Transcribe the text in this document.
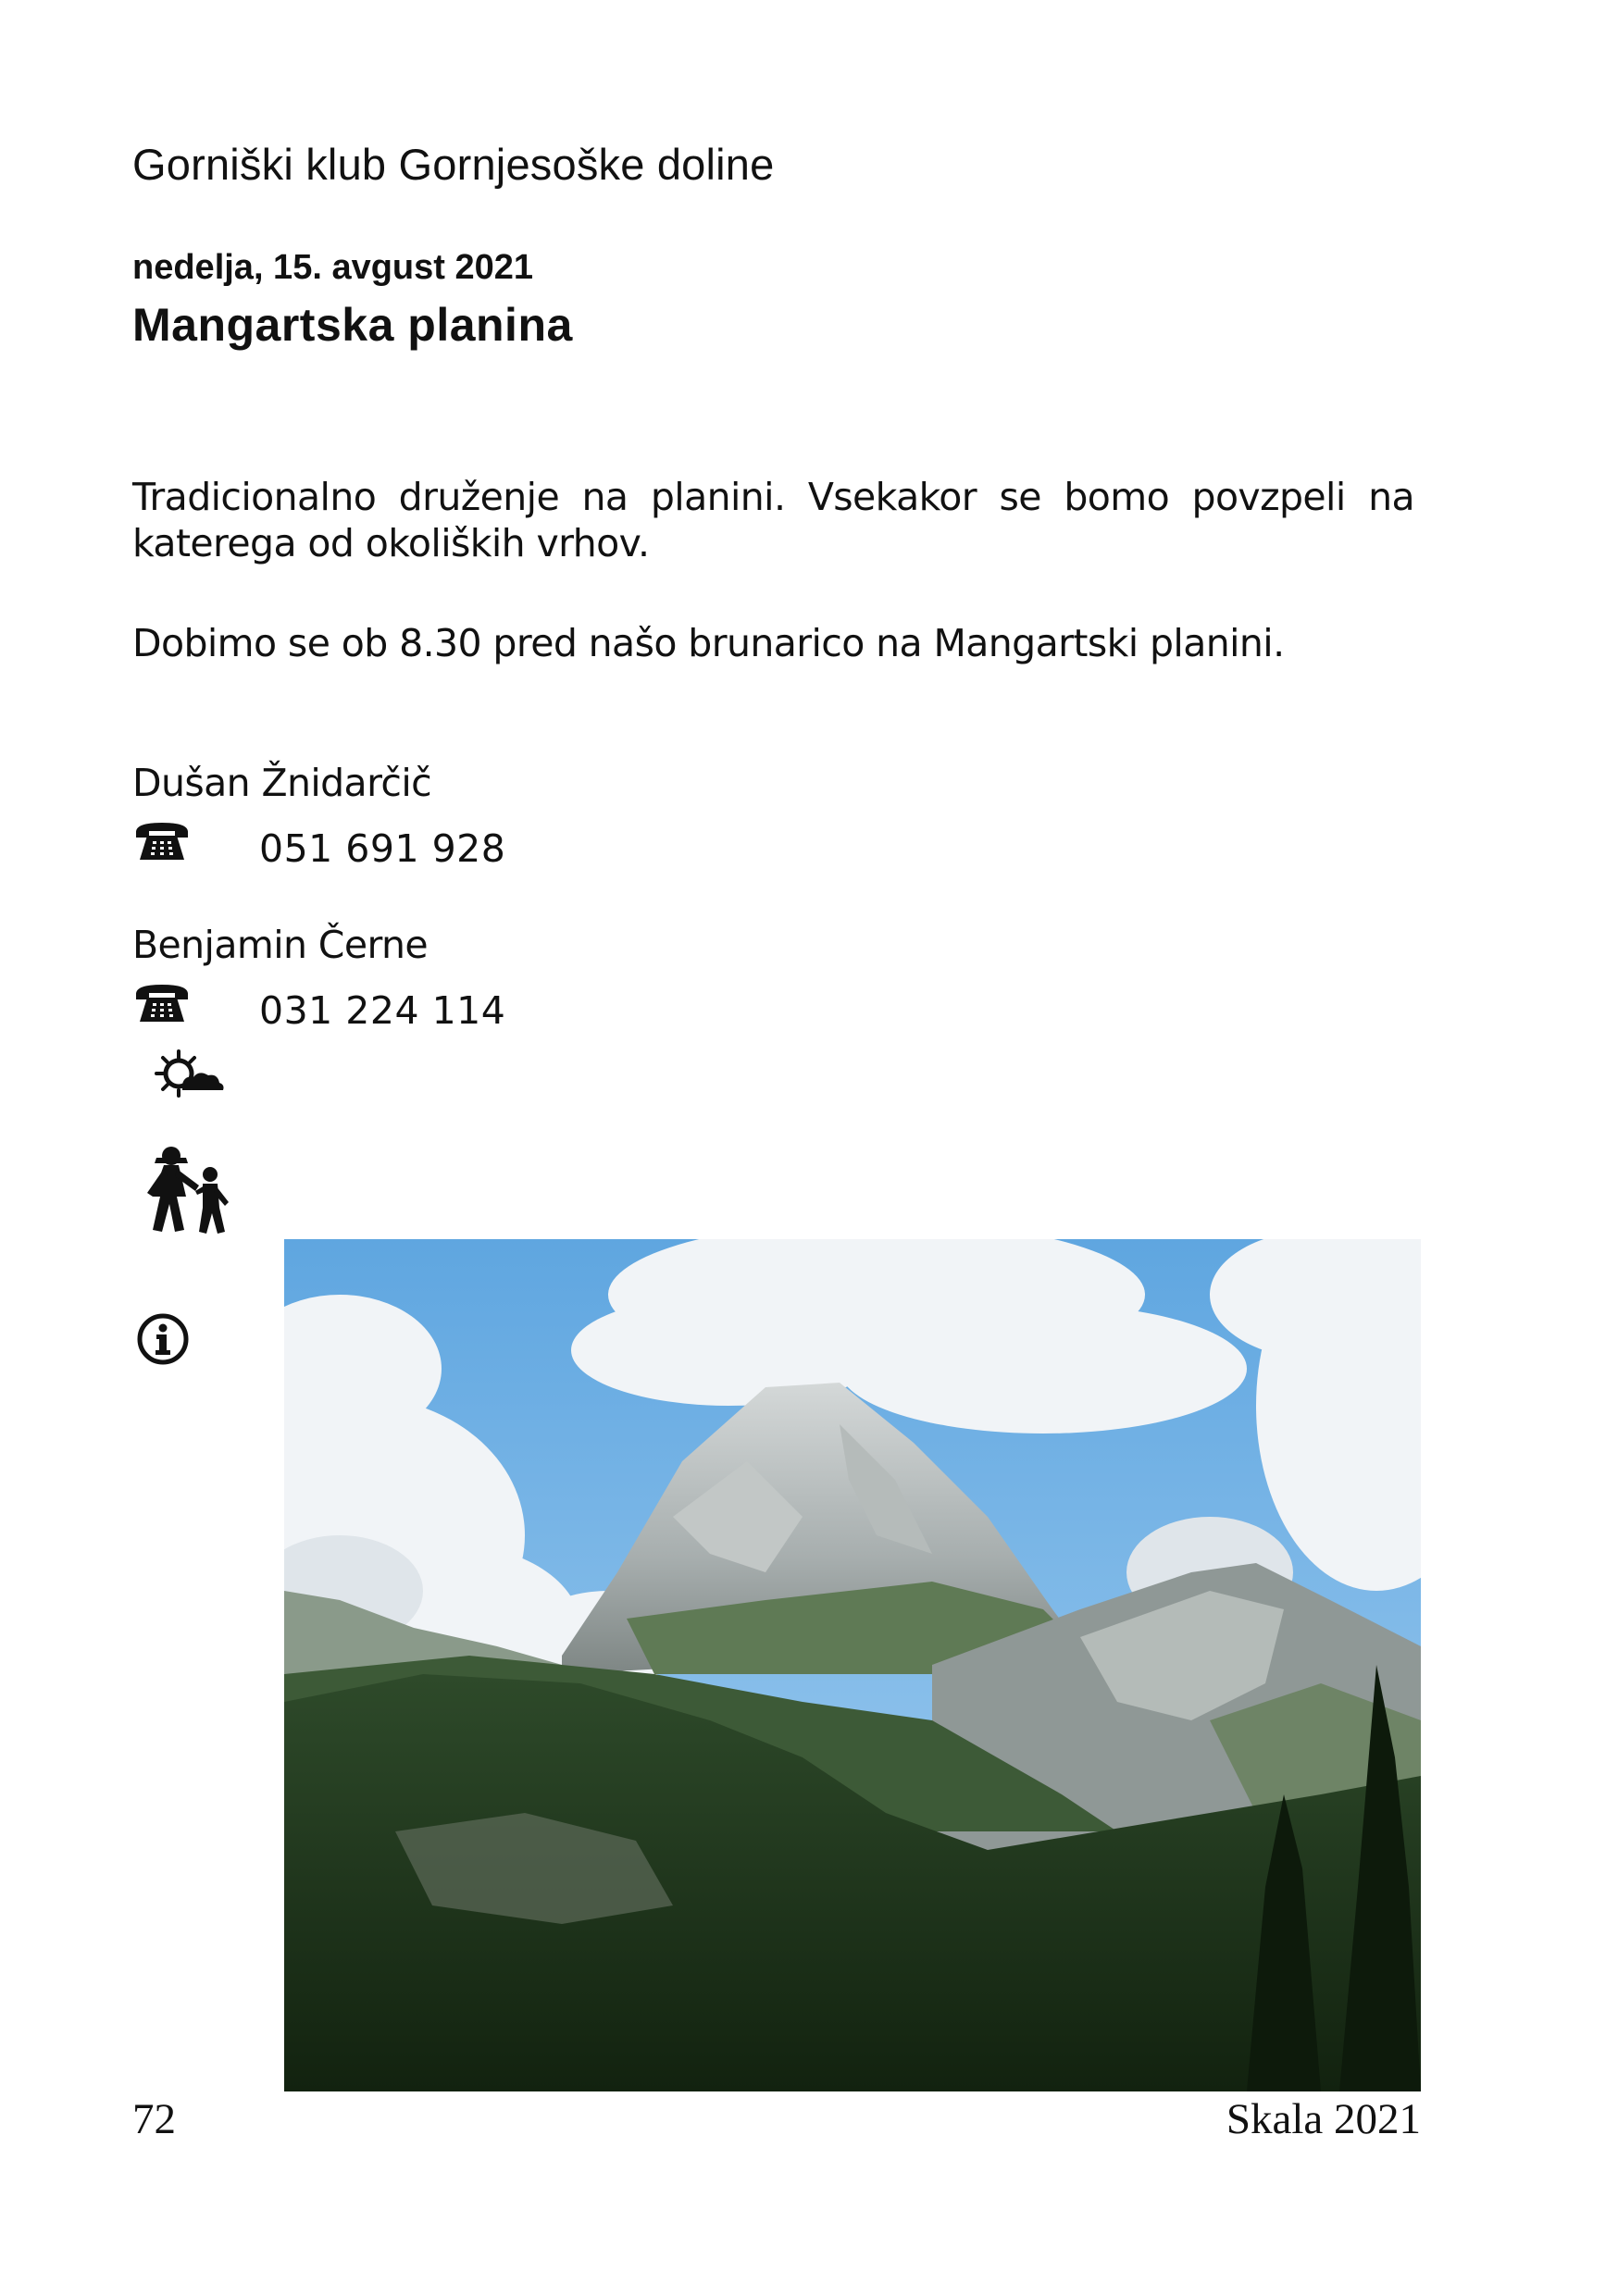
Gorniški klub Gornjesoške doline
nedelja, 15. avgust 2021
Mangartska planina
Tradicionalno druženje na planini. Vsekakor se bomo povzpeli na katerega od okoliških vrhov.
Dobimo se ob 8.30 pred našo brunarico na Mangartski planini.
Dušan Žnidarčič
051 691 928
Benjamin Černe
031 224 114
72	Skala 2021
